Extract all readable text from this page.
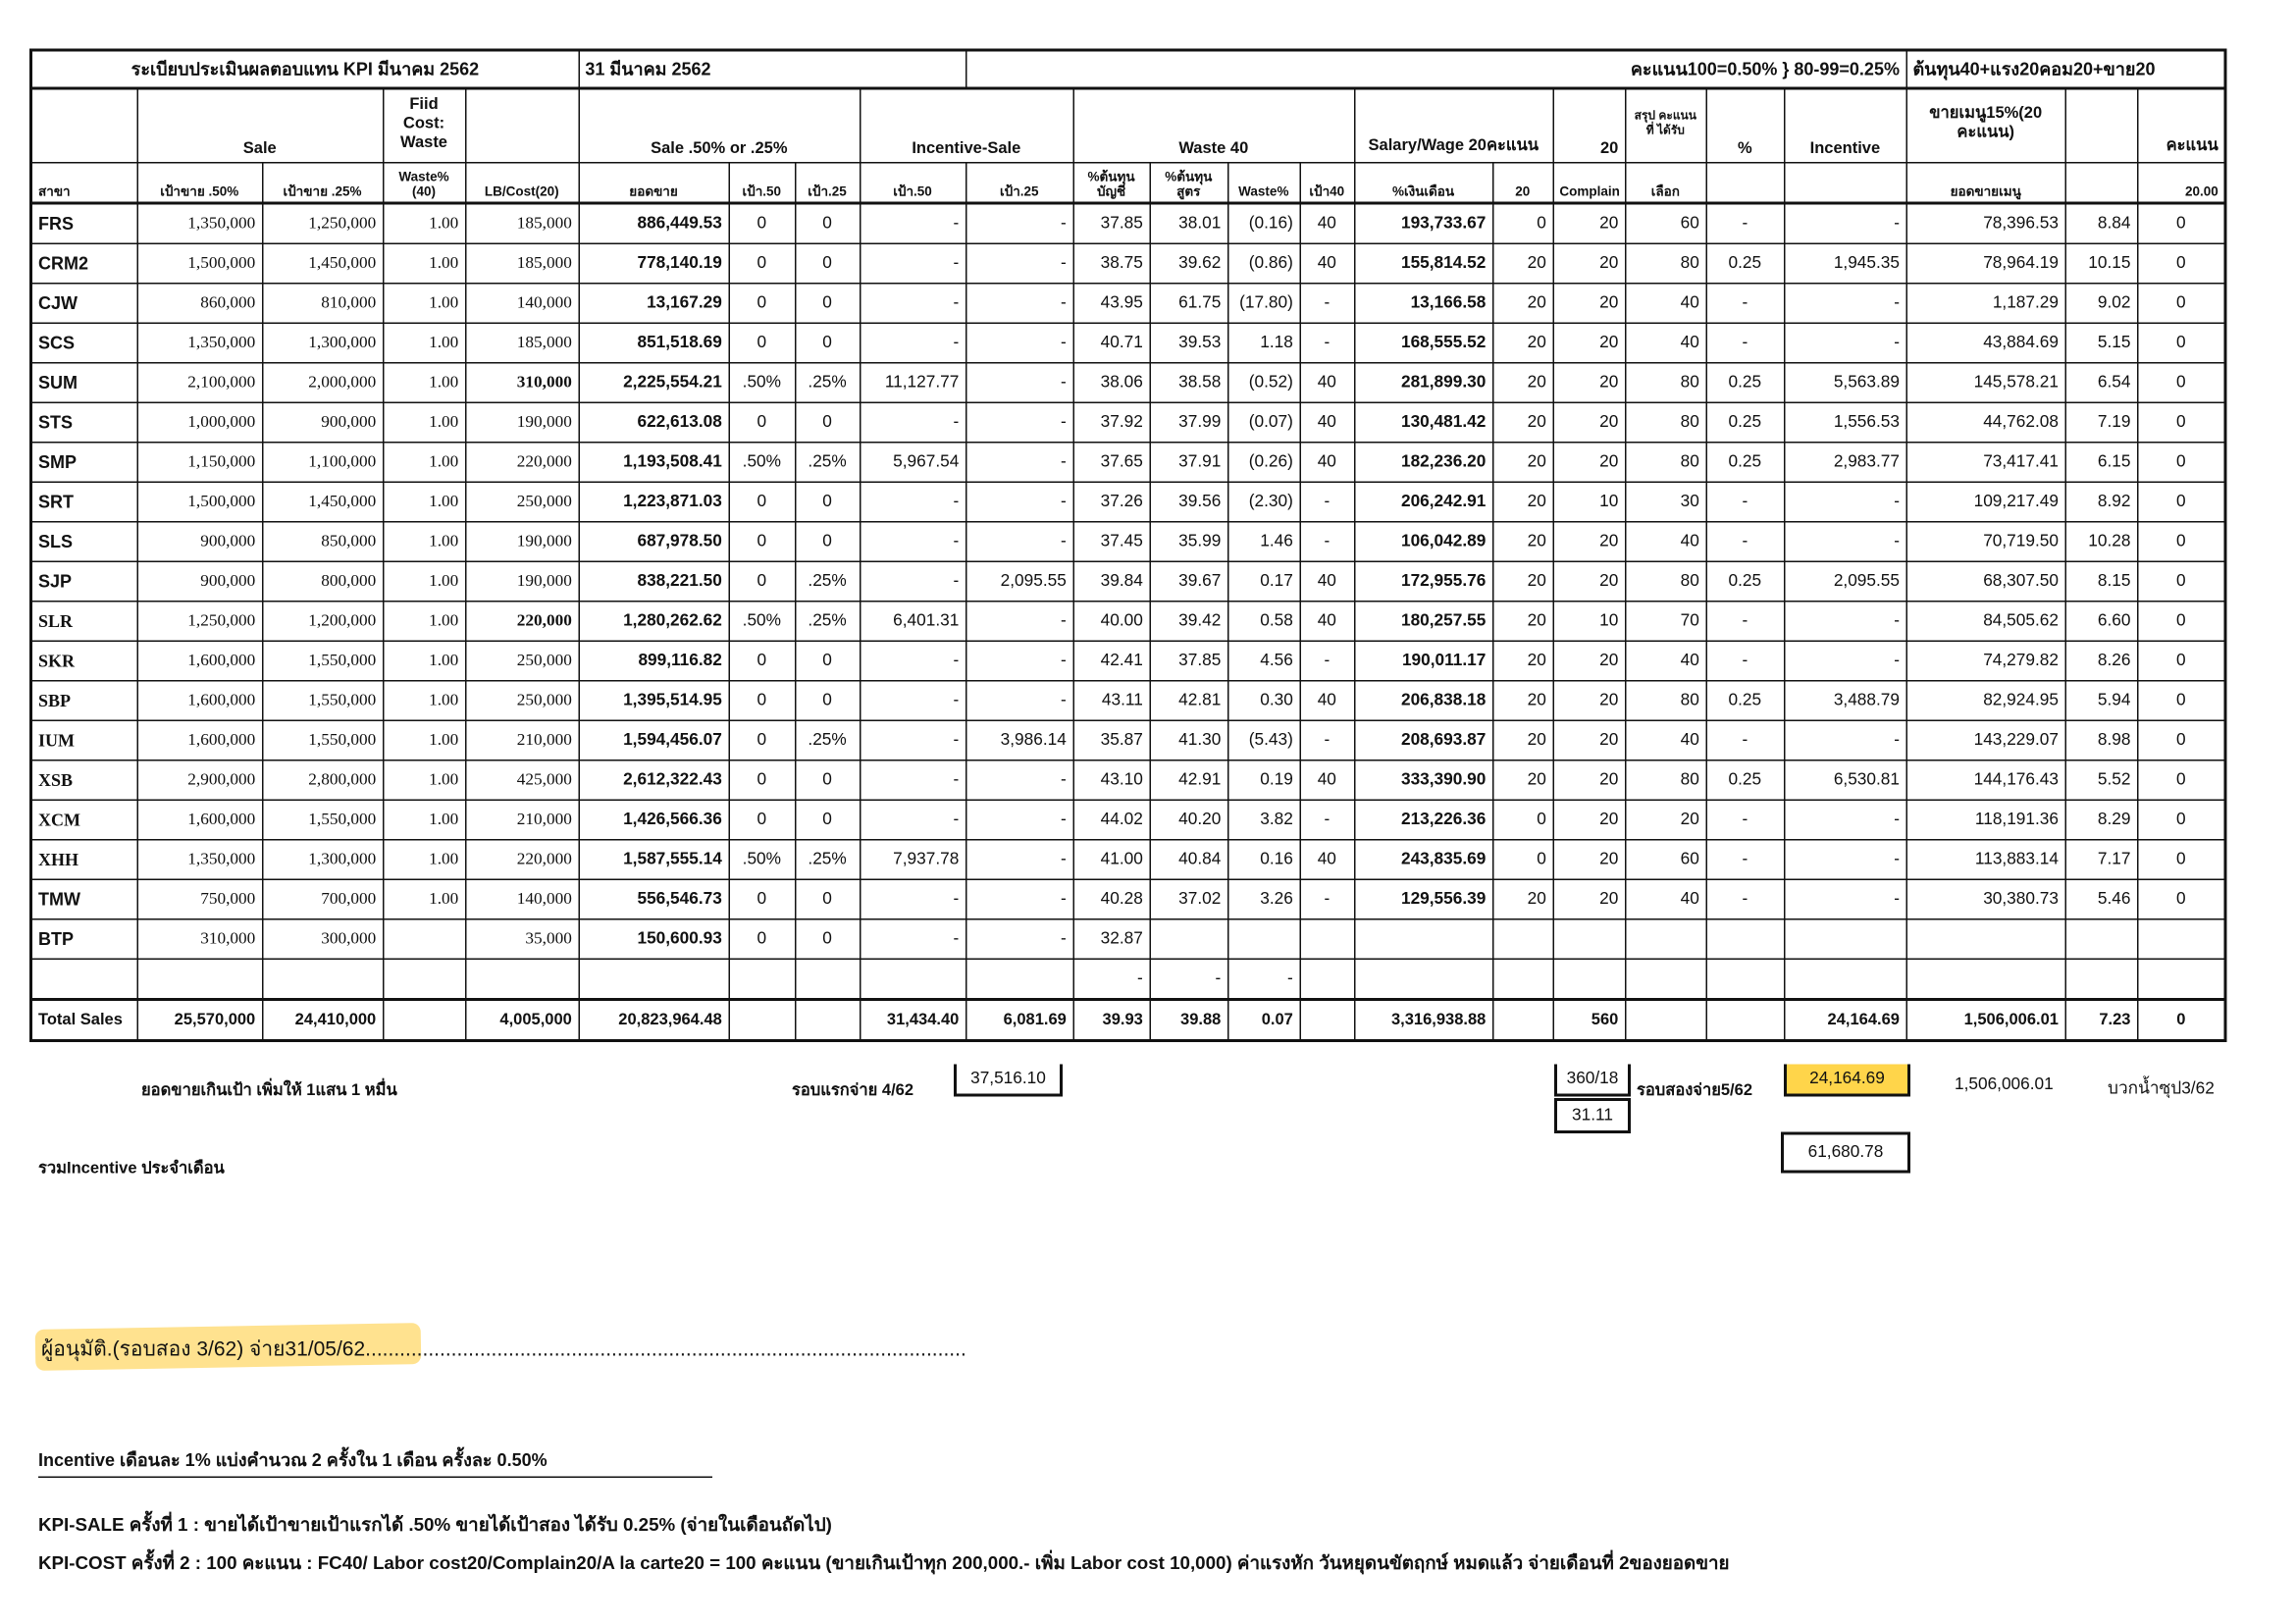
ระเบียบประเมินผลตอบแทน KPI มีนาคม 2562					31 มีนาคม 2562				คะแนน100=0.50% } 80-99=0.25%											ต้นทุน40+แรง20คอม20+ขาย20		
	Sale		Fiid Cost: Waste		Sale .50% or .25%			Incentive-Sale		Waste 40				Salary/Wage 20คะแนน		20	สรุป คะแนนที่ ได้รับ	%	Incentive	ขายเมนู15%(20 คะแนน)		คะแนน
สาขา	เป้าขาย .50%	เป้าขาย .25%	Waste%(40)	LB/Cost(20)	ยอดขาย	เป้า.50	เป้า.25	เป้า.50	เป้า.25	%ต้นทุน บัญชี	%ต้นทุน สูตร	Waste%	เป้า40	%เงินเดือน	20	Complain	เลือก			ยอดขายเมนู		20.00
FRS	1,350,000	1,250,000	1.00	185,000	886,449.53	0	0	-	-	37.85	38.01	(0.16)	40	193,733.67	0	20	60	-	-	78,396.53	8.84	0
CRM2	1,500,000	1,450,000	1.00	185,000	778,140.19	0	0	-	-	38.75	39.62	(0.86)	40	155,814.52	20	20	80	0.25	1,945.35	78,964.19	10.15	0
CJW	860,000	810,000	1.00	140,000	13,167.29	0	0	-	-	43.95	61.75	(17.80)	-	13,166.58	20	20	40	-	-	1,187.29	9.02	0
SCS	1,350,000	1,300,000	1.00	185,000	851,518.69	0	0	-	-	40.71	39.53	1.18	-	168,555.52	20	20	40	-	-	43,884.69	5.15	0
SUM	2,100,000	2,000,000	1.00	310,000	2,225,554.21	.50%	.25%	11,127.77	-	38.06	38.58	(0.52)	40	281,899.30	20	20	80	0.25	5,563.89	145,578.21	6.54	0
STS	1,000,000	900,000	1.00	190,000	622,613.08	0	0	-	-	37.92	37.99	(0.07)	40	130,481.42	20	20	80	0.25	1,556.53	44,762.08	7.19	0
SMP	1,150,000	1,100,000	1.00	220,000	1,193,508.41	.50%	.25%	5,967.54	-	37.65	37.91	(0.26)	40	182,236.20	20	20	80	0.25	2,983.77	73,417.41	6.15	0
SRT	1,500,000	1,450,000	1.00	250,000	1,223,871.03	0	0	-	-	37.26	39.56	(2.30)	-	206,242.91	20	10	30	-	-	109,217.49	8.92	0
SLS	900,000	850,000	1.00	190,000	687,978.50	0	0	-	-	37.45	35.99	1.46	-	106,042.89	20	20	40	-	-	70,719.50	10.28	0
SJP	900,000	800,000	1.00	190,000	838,221.50	0	.25%	-	2,095.55	39.84	39.67	0.17	40	172,955.76	20	20	80	0.25	2,095.55	68,307.50	8.15	0
SLR	1,250,000	1,200,000	1.00	220,000	1,280,262.62	.50%	.25%	6,401.31	-	40.00	39.42	0.58	40	180,257.55	20	10	70	-	-	84,505.62	6.60	0
SKR	1,600,000	1,550,000	1.00	250,000	899,116.82	0	0	-	-	42.41	37.85	4.56	-	190,011.17	20	20	40	-	-	74,279.82	8.26	0
SBP	1,600,000	1,550,000	1.00	250,000	1,395,514.95	0	0	-	-	43.11	42.81	0.30	40	206,838.18	20	20	80	0.25	3,488.79	82,924.95	5.94	0
IUM	1,600,000	1,550,000	1.00	210,000	1,594,456.07	0	.25%	-	3,986.14	35.87	41.30	(5.43)	-	208,693.87	20	20	40	-	-	143,229.07	8.98	0
XSB	2,900,000	2,800,000	1.00	425,000	2,612,322.43	0	0	-	-	43.10	42.91	0.19	40	333,390.90	20	20	80	0.25	6,530.81	144,176.43	5.52	0
XCM	1,600,000	1,550,000	1.00	210,000	1,426,566.36	0	0	-	-	44.02	40.20	3.82	-	213,226.36	0	20	20	-	-	118,191.36	8.29	0
XHH	1,350,000	1,300,000	1.00	220,000	1,587,555.14	.50%	.25%	7,937.78	-	41.00	40.84	0.16	40	243,835.69	0	20	60	-	-	113,883.14	7.17	0
TMW	750,000	700,000	1.00	140,000	556,546.73	0	0	-	-	40.28	37.02	3.26	-	129,556.39	20	20	40	-	-	30,380.73	5.46	0
BTP	310,000	300,000		35,000	150,600.93	0	0	-	-	32.87												
										-	-	-										
Total Sales	25,570,000	24,410,000		4,005,000	20,823,964.48			31,434.40	6,081.69	39.93	39.88	0.07		3,316,938.88		560			24,164.69	1,506,006.01	7.23	0
ยอดขายเกินเป้า เพิ่มให้ 1แสน 1 หมื่น	รอบแรกจ่าย 4/62
37,516.10	360/18
31.11
รอบสองจ่าย5/62
24,164.69	1,506,006.01	บวกน้ำซุป3/62
รวมIncentive ประจำเดือน
61,680.78
ผู้อนุมัติ.(รอบสอง 3/62) จ่าย31/05/62.........................................................................................................
Incentive เดือนละ 1% แบ่งคำนวณ 2 ครั้งใน 1 เดือน ครั้งละ 0.50%
KPI-SALE ครั้งที่ 1 : ขายได้เป้าขายเป้าแรกได้ .50% ขายได้เป้าสอง ได้รับ 0.25% (จ่ายในเดือนถัดไป)
KPI-COST ครั้งที่ 2 : 100 คะแนน : FC40/ Labor cost20/Complain20/A la carte20 = 100 คะแนน (ขายเกินเป้าทุก 200,000.- เพิ่ม Labor cost 10,000) ค่าแรงหัก วันหยุดนขัตฤกษ์ หมดแล้ว จ่ายเดือนที่ 2ของยอดขาย
